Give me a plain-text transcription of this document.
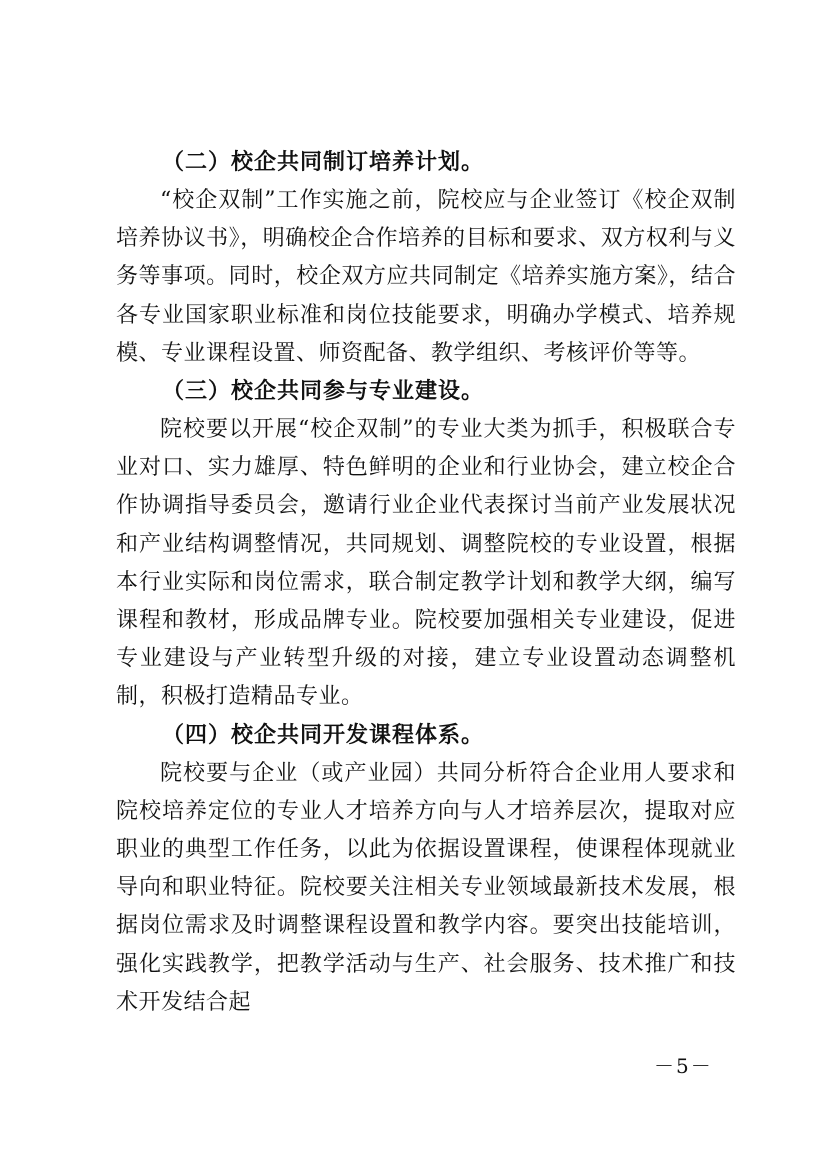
（二）校企共同制订培养计划。

“校企双制”工作实施之前，院校应与企业签订《校企双制培养协议书》，明确校企合作培养的目标和要求、双方权利与义务等事项。同时，校企双方应共同制定《培养实施方案》，结合各专业国家职业标准和岗位技能要求，明确办学模式、培养规模、专业课程设置、师资配备、教学组织、考核评价等等。

（三）校企共同参与专业建设。

院校要以开展“校企双制”的专业大类为抓手，积极联合专业对口、实力雄厚、特色鲜明的企业和行业协会，建立校企合作协调指导委员会，邀请行业企业代表探讨当前产业发展状况和产业结构调整情况，共同规划、调整院校的专业设置，根据本行业实际和岗位需求，联合制定教学计划和教学大纲，编写课程和教材，形成品牌专业。院校要加强相关专业建设，促进专业建设与产业转型升级的对接，建立专业设置动态调整机制，积极打造精品专业。

（四）校企共同开发课程体系。

院校要与企业（或产业园）共同分析符合企业用人要求和院校培养定位的专业人才培养方向与人才培养层次，提取对应职业的典型工作任务，以此为依据设置课程，使课程体现就业导向和职业特征。院校要关注相关专业领域最新技术发展，根据岗位需求及时调整课程设置和教学内容。要突出技能培训，强化实践教学，把教学活动与生产、社会服务、技术推广和技术开发结合起

－5－
